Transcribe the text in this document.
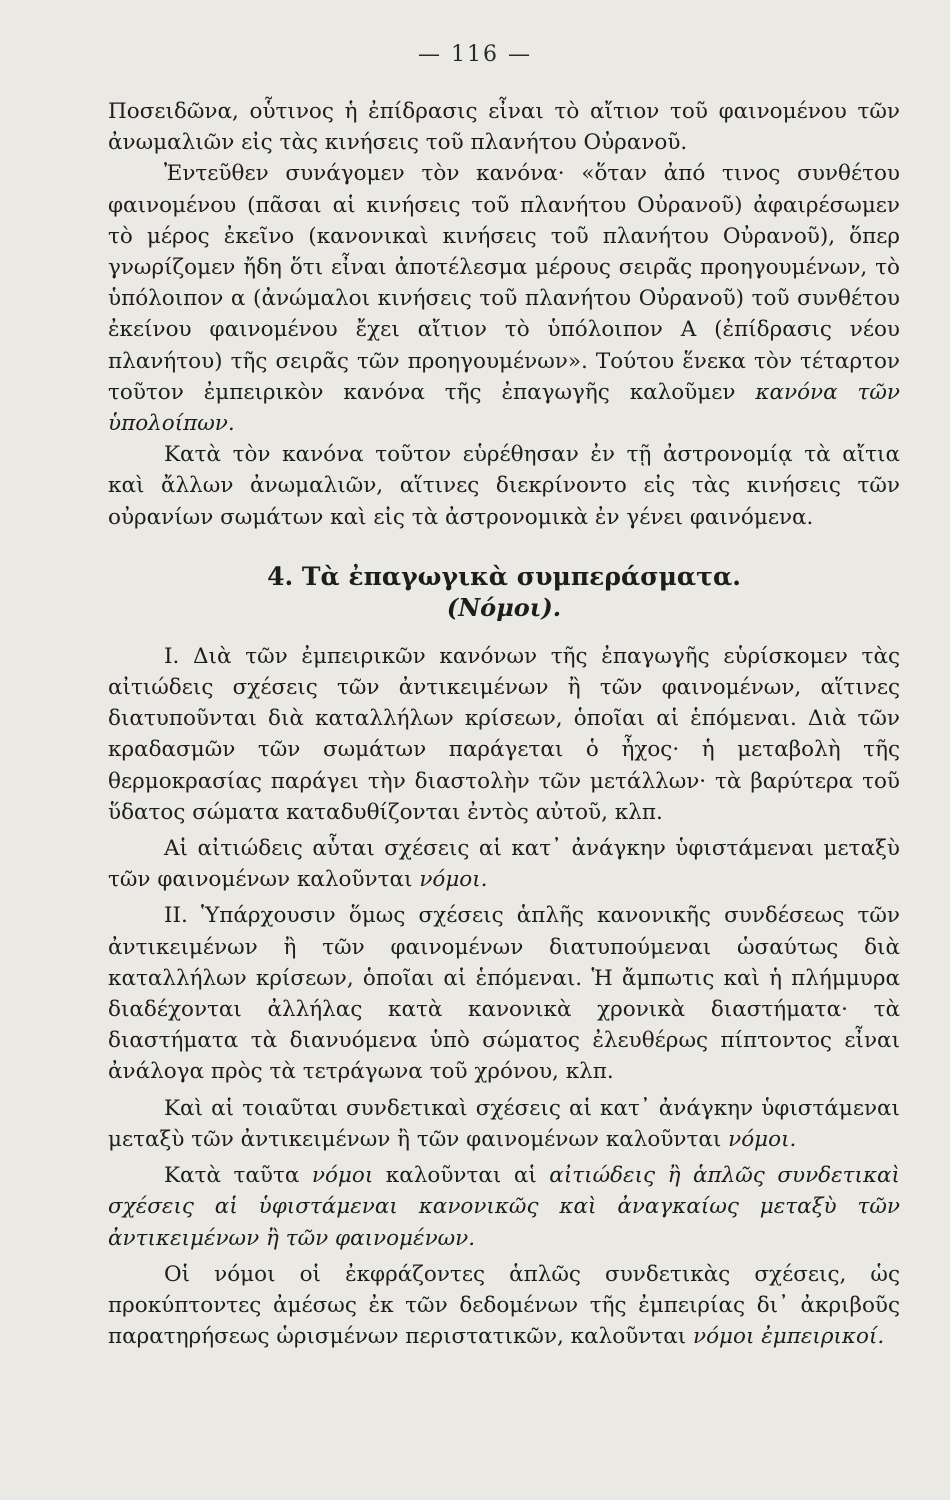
— 116 —

Ποσειδῶνα, οὗτινος ἡ ἐπίδρασις εἶναι τὸ αἴτιον τοῦ φαινομένου τῶν ἀνωμαλιῶν εἰς τὰς κινήσεις τοῦ πλανήτου Οὐρανοῦ.

Ἐντεῦθεν συνάγομεν τὸν κανόνα· «ὅταν ἀπό τινος συνθέτου φαινομένου (πᾶσαι αἱ κινήσεις τοῦ πλανήτου Οὐρανοῦ) ἀφαιρέσωμεν τὸ μέρος ἐκεῖνο (κανονικαὶ κινήσεις τοῦ πλανήτου Οὐρανοῦ), ὅπερ γνωρίζομεν ἤδη ὅτι εἶναι ἀποτέλεσμα μέρους σειρᾶς προηγουμένων, τὸ ὑπόλοιπον α (ἀνώμαλοι κινήσεις τοῦ πλανήτου Οὐρανοῦ) τοῦ συνθέτου ἐκείνου φαινομένου ἔχει αἴτιον τὸ ὑπόλοιπον Α (ἐπίδρασις νέου πλανήτου) τῆς σειρᾶς τῶν προηγουμένων». Τούτου ἕνεκα τὸν τέταρτον τοῦτον ἐμπειρικὸν κανόνα τῆς ἐπαγωγῆς καλοῦμεν κανόνα τῶν ὑπολοίπων.

Κατὰ τὸν κανόνα τοῦτον εὑρέθησαν ἐν τῇ ἀστρονομίᾳ τὰ αἴτια καὶ ἄλλων ἀνωμαλιῶν, αἵτινες διεκρίνοντο εἰς τὰς κινήσεις τῶν οὐρανίων σωμάτων καὶ εἰς τὰ ἀστρονομικὰ ἐν γένει φαινόμενα.

4. Τὰ ἐπαγωγικὰ συμπεράσματα.
(Νόμοι).

I. Διὰ τῶν ἐμπειρικῶν κανόνων τῆς ἐπαγωγῆς εὑρίσκομεν τὰς αἰτιώδεις σχέσεις τῶν ἀντικειμένων ἢ τῶν φαινομένων, αἵτινες διατυποῦνται διὰ καταλλήλων κρίσεων, ὁποῖαι αἱ ἑπόμεναι. Διὰ τῶν κραδασμῶν τῶν σωμάτων παράγεται ὁ ἦχος· ἡ μεταβολὴ τῆς θερμοκρασίας παράγει τὴν διαστολὴν τῶν μετάλλων· τὰ βαρύτερα τοῦ ὕδατος σώματα καταδυθίζονται ἐντὸς αὐτοῦ, κλπ.

Αἱ αἰτιώδεις αὗται σχέσεις αἱ κατ᾽ ἀνάγκην ὑφιστάμεναι μεταξὺ τῶν φαινομένων καλοῦνται νόμοι.

II. Ὑπάρχουσιν ὅμως σχέσεις ἁπλῆς κανονικῆς συνδέσεως τῶν ἀντικειμένων ἢ τῶν φαινομένων διατυπούμεναι ὡσαύτως διὰ καταλλήλων κρίσεων, ὁποῖαι αἱ ἑπόμεναι. Ἡ ἄμπωτις καὶ ἡ πλήμμυρα διαδέχονται ἀλλήλας κατὰ κανονικὰ χρονικὰ διαστήματα· τὰ διαστήματα τὰ διανυόμενα ὑπὸ σώματος ἐλευθέρως πίπτοντος εἶναι ἀνάλογα πρὸς τὰ τετράγωνα τοῦ χρόνου, κλπ.

Καὶ αἱ τοιαῦται συνδετικαὶ σχέσεις αἱ κατ᾽ ἀνάγκην ὑφιστάμεναι μεταξὺ τῶν ἀντικειμένων ἢ τῶν φαινομένων καλοῦνται νόμοι.

Κατὰ ταῦτα νόμοι καλοῦνται αἱ αἰτιώδεις ἢ ἁπλῶς συνδετικαὶ σχέσεις αἱ ὑφιστάμεναι κανονικῶς καὶ ἀναγκαίως μεταξὺ τῶν ἀντικειμένων ἢ τῶν φαινομένων.

Οἱ νόμοι οἱ ἐκφράζοντες ἁπλῶς συνδετικὰς σχέσεις, ὡς προκύπτοντες ἀμέσως ἐκ τῶν δεδομένων τῆς ἐμπειρίας δι᾽ ἀκριβοῦς παρατηρήσεως ὡρισμένων περιστατικῶν, καλοῦνται νόμοι ἐμπειρικοί.
